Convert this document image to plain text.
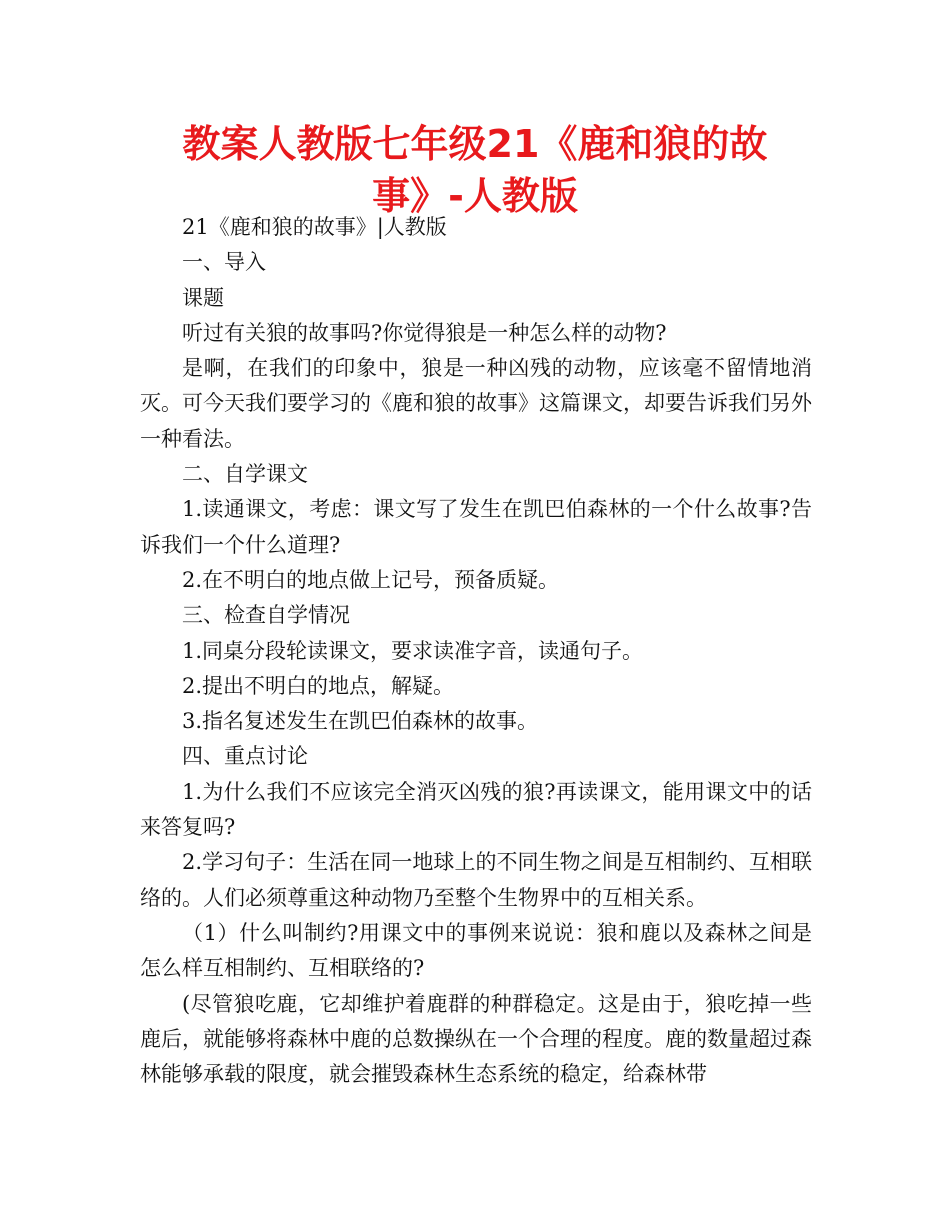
教案人教版七年级21《鹿和狼的故事》-人教版

21《鹿和狼的故事》|人教版

一、导入

课题

听过有关狼的故事吗?你觉得狼是一种怎么样的动物?

是啊，在我们的印象中，狼是一种凶残的动物，应该毫不留情地消灭。可今天我们要学习的《鹿和狼的故事》这篇课文，却要告诉我们另外一种看法。

二、自学课文

1.读通课文，考虑：课文写了发生在凯巴伯森林的一个什么故事?告诉我们一个什么道理?

2.在不明白的地点做上记号，预备质疑。

三、检查自学情况

1.同桌分段轮读课文，要求读准字音，读通句子。

2.提出不明白的地点，解疑。

3.指名复述发生在凯巴伯森林的故事。

四、重点讨论

1.为什么我们不应该完全消灭凶残的狼?再读课文，能用课文中的话来答复吗?

2.学习句子：生活在同一地球上的不同生物之间是互相制约、互相联络的。人们必须尊重这种动物乃至整个生物界中的互相关系。

（1）什么叫制约?用课文中的事例来说说：狼和鹿以及森林之间是怎么样互相制约、互相联络的?

(尽管狼吃鹿，它却维护着鹿群的种群稳定。这是由于，狼吃掉一些鹿后，就能够将森林中鹿的总数操纵在一个合理的程度。鹿的数量超过森林能够承载的限度，就会摧毁森林生态系统的稳定，给森林带
